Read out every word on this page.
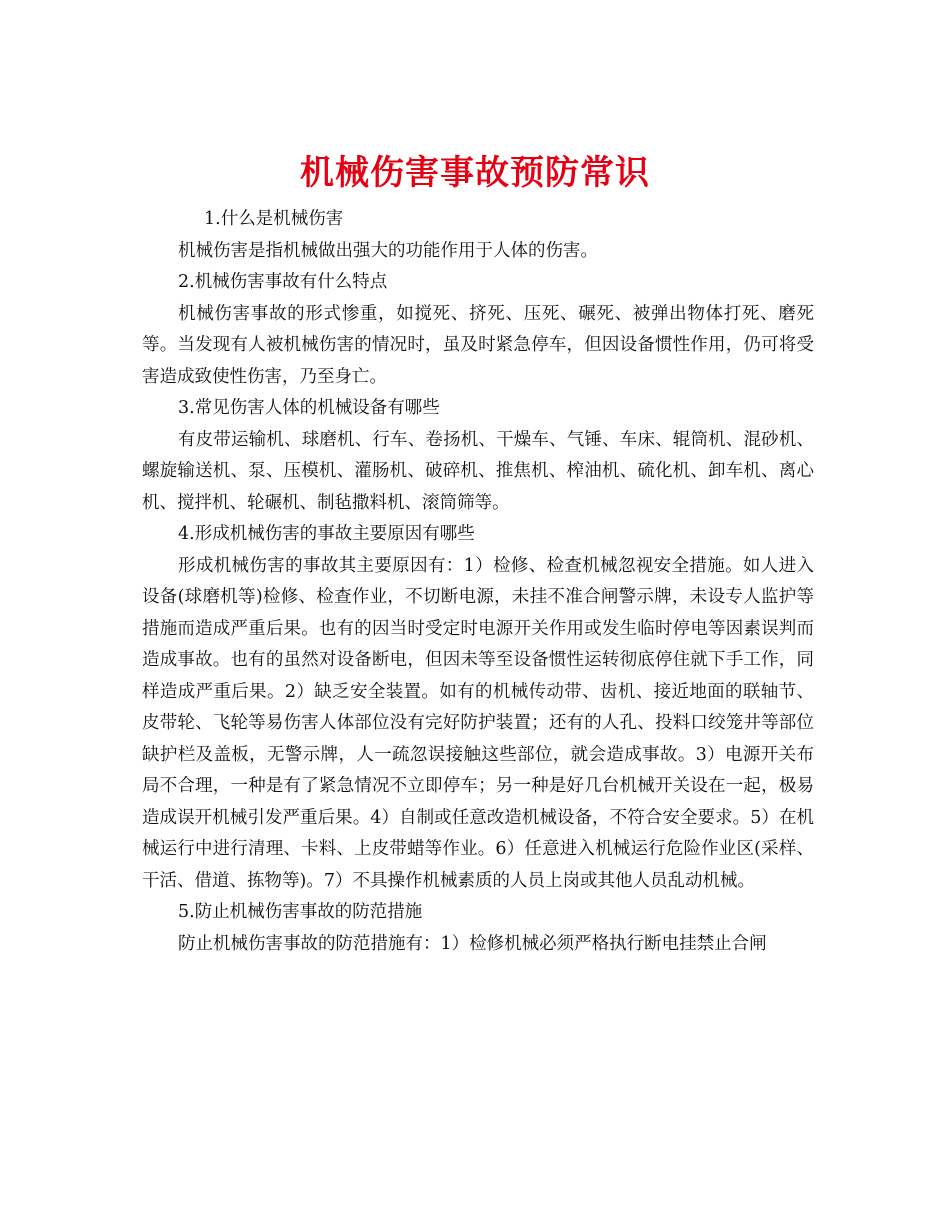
机械伤害事故预防常识

1.什么是机械伤害

机械伤害是指机械做出强大的功能作用于人体的伤害。

2.机械伤害事故有什么特点

机械伤害事故的形式惨重，如搅死、挤死、压死、碾死、被弹出物体打死、磨死等。当发现有人被机械伤害的情况时，虽及时紧急停车，但因设备惯性作用，仍可将受害造成致使性伤害，乃至身亡。

3.常见伤害人体的机械设备有哪些

有皮带运输机、球磨机、行车、卷扬机、干燥车、气锤、车床、辊筒机、混砂机、螺旋输送机、泵、压模机、灌肠机、破碎机、推焦机、榨油机、硫化机、卸车机、离心机、搅拌机、轮碾机、制毡撒料机、滚筒筛等。

4.形成机械伤害的事故主要原因有哪些

形成机械伤害的事故其主要原因有：1）检修、检查机械忽视安全措施。如人进入设备(球磨机等)检修、检查作业，不切断电源，未挂不准合闸警示牌，未设专人监护等措施而造成严重后果。也有的因当时受定时电源开关作用或发生临时停电等因素误判而造成事故。也有的虽然对设备断电，但因未等至设备惯性运转彻底停住就下手工作，同样造成严重后果。2）缺乏安全装置。如有的机械传动带、齿机、接近地面的联轴节、皮带轮、飞轮等易伤害人体部位没有完好防护装置；还有的人孔、投料口绞笼井等部位缺护栏及盖板，无警示牌，人一疏忽误接触这些部位，就会造成事故。3）电源开关布局不合理，一种是有了紧急情况不立即停车；另一种是好几台机械开关设在一起，极易造成误开机械引发严重后果。4）自制或任意改造机械设备，不符合安全要求。5）在机械运行中进行清理、卡料、上皮带蜡等作业。6）任意进入机械运行危险作业区(采样、干活、借道、拣物等)。7）不具操作机械素质的人员上岗或其他人员乱动机械。

5.防止机械伤害事故的防范措施

防止机械伤害事故的防范措施有：1）检修机械必须严格执行断电挂禁止合闸
